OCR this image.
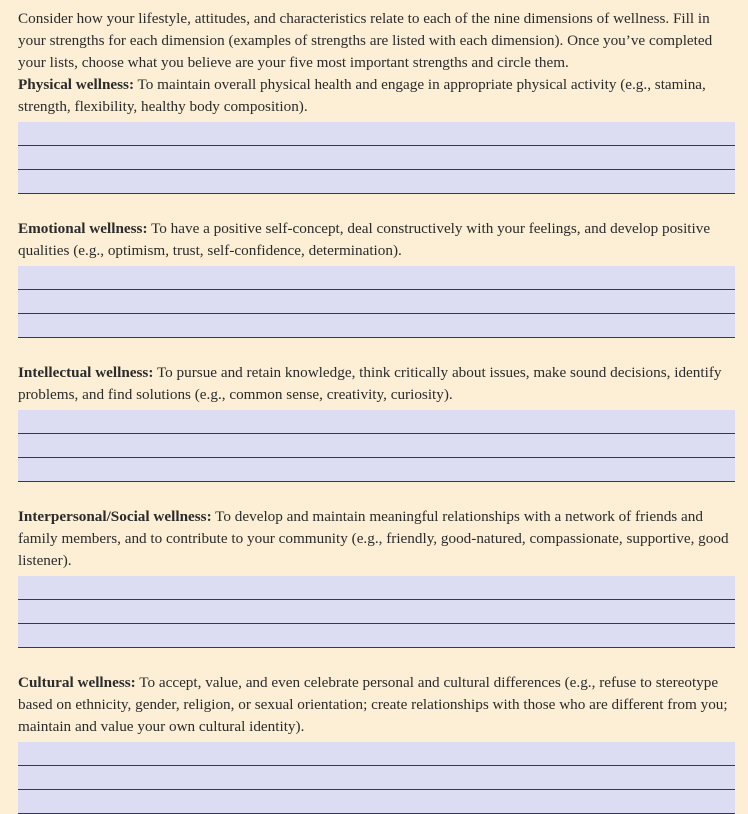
Consider how your lifestyle, attitudes, and characteristics relate to each of the nine dimensions of wellness. Fill in your strengths for each dimension (examples of strengths are listed with each dimension). Once you’ve completed your lists, choose what you believe are your five most important strengths and circle them.

Physical wellness: To maintain overall physical health and engage in appropriate physical activity (e.g., stamina, strength, flexibility, healthy body composition).

Emotional wellness: To have a positive self-concept, deal constructively with your feelings, and develop positive qualities (e.g., optimism, trust, self-confidence, determination).

Intellectual wellness: To pursue and retain knowledge, think critically about issues, make sound decisions, identify problems, and find solutions (e.g., common sense, creativity, curiosity).

Interpersonal/Social wellness: To develop and maintain meaningful relationships with a network of friends and family members, and to contribute to your community (e.g., friendly, good-natured, compassionate, supportive, good listener).

Cultural wellness: To accept, value, and even celebrate personal and cultural differences (e.g., refuse to stereotype based on ethnicity, gender, religion, or sexual orientation; create relationships with those who are different from you; maintain and value your own cultural identity).
